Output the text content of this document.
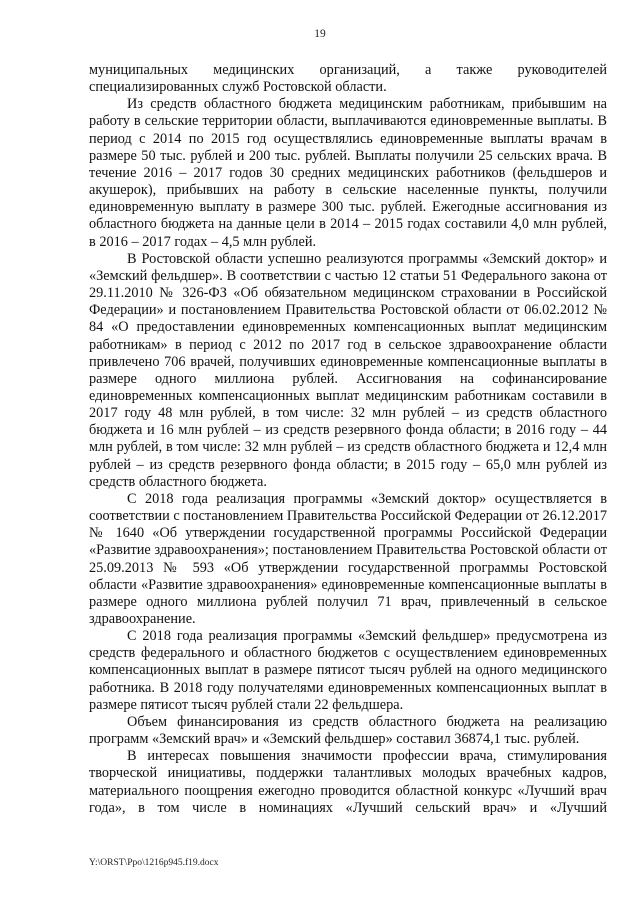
19

муниципальных медицинских организаций, а также руководителей специализированных служб Ростовской области.

Из средств областного бюджета медицинским работникам, прибывшим на работу в сельские территории области, выплачиваются единовременные выплаты. В период с 2014 по 2015 год осуществлялись единовременные выплаты врачам в размере 50 тыс. рублей и 200 тыс. рублей. Выплаты получили 25 сельских врача. В течение 2016 – 2017 годов 30 средних медицинских работников (фельдшеров и акушерок), прибывших на работу в сельские населенные пункты, получили единовременную выплату в размере 300 тыс. рублей. Ежегодные ассигнования из областного бюджета на данные цели в 2014 – 2015 годах составили 4,0 млн рублей, в 2016 – 2017 годах – 4,5 млн рублей.

В Ростовской области успешно реализуются программы «Земский доктор» и «Земский фельдшер». В соответствии с частью 12 статьи 51 Федерального закона от 29.11.2010 № 326-ФЗ «Об обязательном медицинском страховании в Российской Федерации» и постановлением Правительства Ростовской области от 06.02.2012 № 84 «О предоставлении единовременных компенсационных выплат медицинским работникам» в период с 2012 по 2017 год в сельское здравоохранение области привлечено 706 врачей, получивших единовременные компенсационные выплаты в размере одного миллиона рублей. Ассигнования на софинансирование единовременных компенсационных выплат медицинским работникам составили в 2017 году 48 млн рублей, в том числе: 32 млн рублей – из средств областного бюджета и 16 млн рублей – из средств резервного фонда области; в 2016 году – 44 млн рублей, в том числе: 32 млн рублей – из средств областного бюджета и 12,4 млн рублей – из средств резервного фонда области; в 2015 году – 65,0 млн рублей из средств областного бюджета.

С 2018 года реализация программы «Земский доктор» осуществляется в соответствии с постановлением Правительства Российской Федерации от 26.12.2017 № 1640 «Об утверждении государственной программы Российской Федерации «Развитие здравоохранения»; постановлением Правительства Ростовской области от 25.09.2013 № 593 «Об утверждении государственной программы Ростовской области «Развитие здравоохранения» единовременные компенсационные выплаты в размере одного миллиона рублей получил 71 врач, привлеченный в сельское здравоохранение.

С 2018 года реализация программы «Земский фельдшер» предусмотрена из средств федерального и областного бюджетов с осуществлением единовременных компенсационных выплат в размере пятисот тысяч рублей на одного медицинского работника. В 2018 году получателями единовременных компенсационных выплат в размере пятисот тысяч рублей стали 22 фельдшера.

Объем финансирования из средств областного бюджета на реализацию программ «Земский врач» и «Земский фельдшер» составил 36874,1 тыс. рублей.

В интересах повышения значимости профессии врача, стимулирования творческой инициативы, поддержки талантливых молодых врачебных кадров, материального поощрения ежегодно проводится областной конкурс «Лучший врач года», в том числе в номинациях «Лучший сельский врач» и «Лучший

Y:\ORST\Ppo\1216p945.f19.docx
